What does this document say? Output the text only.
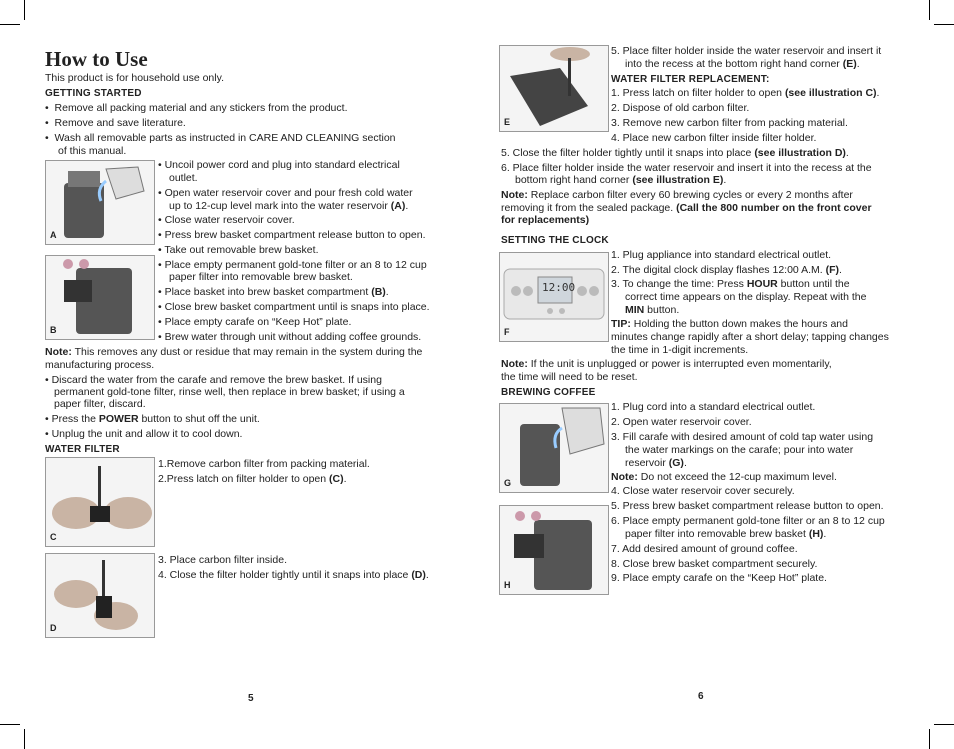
How to Use
This product is for household use only.
GETTING STARTED
•  Remove all packing material and any stickers from the product.
•  Remove and save literature.
•  Wash all removable parts as instructed in CARE AND CLEANING section
of this manual.
A
• Uncoil power cord and plug into standard electrical
outlet.
• Open water reservoir cover and pour fresh cold water
up to 12-cup level mark into the water reservoir (A).
• Close water reservoir cover.
• Press brew basket compartment release button to open.
• Take out removable brew basket.
B
• Place empty permanent gold-tone filter or an 8 to 12 cup
paper filter into removable brew basket.
• Place basket into brew basket compartment (B).
• Close brew basket compartment until is snaps into place.
• Place empty carafe on “Keep Hot” plate.
• Brew water through unit without adding coffee grounds.
Note: This removes any dust or residue that may remain in the system during the
manufacturing process.
• Discard the water from the carafe and remove the brew basket. If using
permanent gold-tone filter, rinse well, then replace in brew basket; if using a
paper filter, discard.
• Press the POWER button to shut off the unit.
• Unplug the unit and allow it to cool down.
WATER FILTER
C
1.Remove carbon filter from packing material.
2.Press latch on filter holder to open (C).
D
3. Place carbon filter inside.
4. Close the filter holder tightly until it snaps into place (D).
5
E
5. Place filter holder inside the water reservoir and insert it
into the recess at the bottom right hand corner (E).
WATER FILTER REPLACEMENT:
1. Press latch on filter holder to open (see illustration C).
2. Dispose of old carbon filter.
3. Remove new carbon filter from packing material.
4. Place new carbon filter inside filter holder.
5. Close the filter holder tightly until it snaps into place (see illustration D).
6. Place filter holder inside the water reservoir and insert it into the recess at the
bottom right hand corner (see illustration E).
Note: Replace carbon filter every 60 brewing cycles or every 2 months after
removing it from the sealed package. (Call the 800 number on the front cover
for replacements)
SETTING THE CLOCK
12:00
F
1. Plug appliance into standard electrical outlet.
2. The digital clock display flashes 12:00 A.M. (F).
3. To change the time: Press HOUR button until the
correct time appears on the display. Repeat with the
MIN button.
TIP: Holding the button down makes the hours and
minutes change rapidly after a short delay; tapping changes
the time in 1-digit increments.
Note: If the unit is unplugged or power is interrupted even momentarily,
the time will need to be reset.
BREWING COFFEE
G
1. Plug cord into a standard electrical outlet.
2. Open water reservoir cover.
3. Fill carafe with desired amount of cold tap water using
the water markings on the carafe; pour into water
reservoir (G).
Note: Do not exceed the 12-cup maximum level.
4. Close water reservoir cover securely.
5. Press brew basket compartment release button to open.
H
6. Place empty permanent gold-tone filter or an 8 to 12 cup
paper filter into removable brew basket (H).
7. Add desired amount of ground coffee.
8. Close brew basket compartment securely.
9. Place empty carafe on the “Keep Hot” plate.
6
